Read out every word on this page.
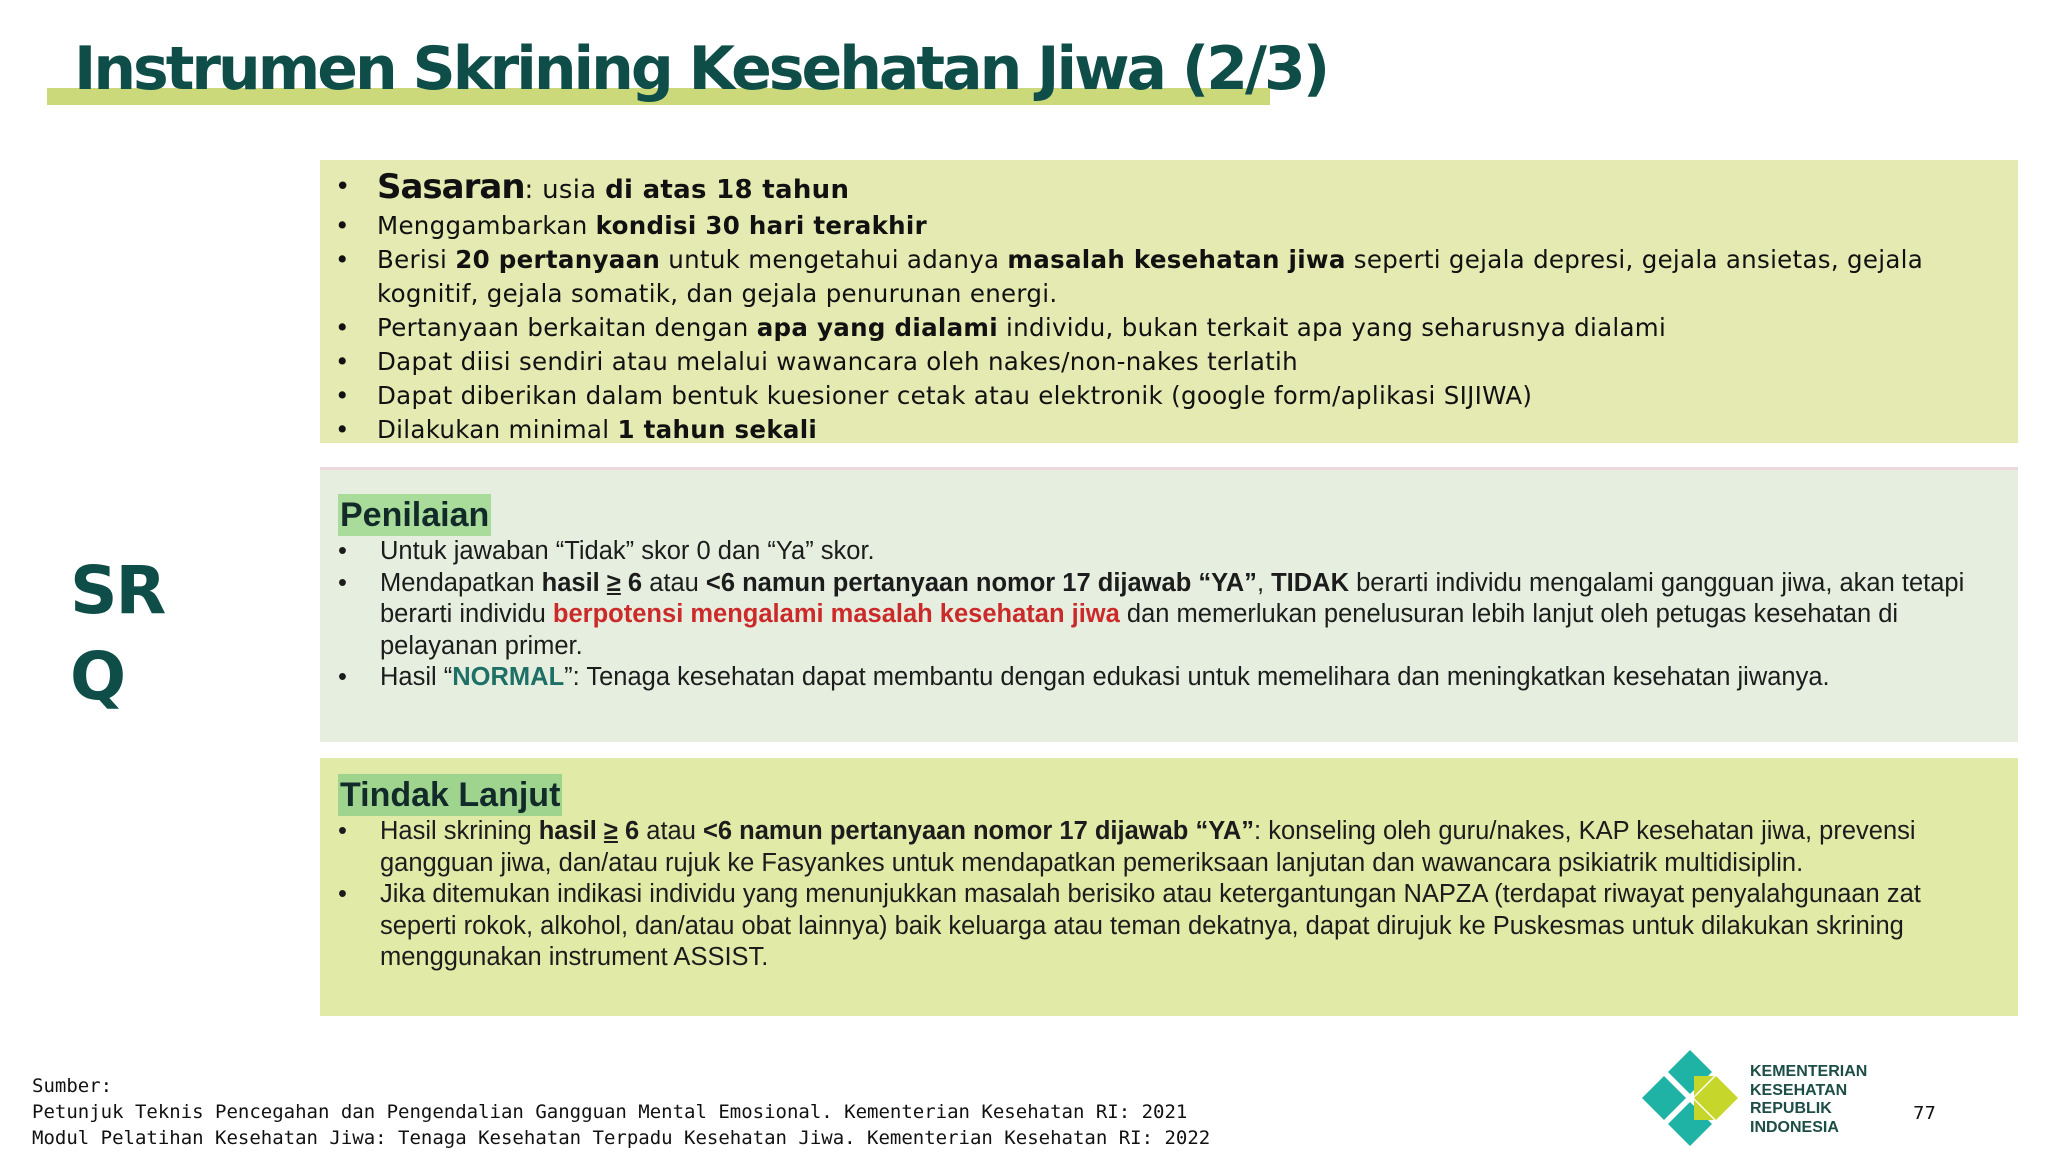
Instrumen Skrining Kesehatan Jiwa (2/3)
SR
Q
• Sasaran: usia di atas 18 tahun
• Menggambarkan kondisi 30 hari terakhir
• Berisi 20 pertanyaan untuk mengetahui adanya masalah kesehatan jiwa seperti gejala depresi, gejala ansietas, gejala kognitif, gejala somatik, dan gejala penurunan energi.
• Pertanyaan berkaitan dengan apa yang dialami individu, bukan terkait apa yang seharusnya dialami
• Dapat diisi sendiri atau melalui wawancara oleh nakes/non-nakes terlatih
• Dapat diberikan dalam bentuk kuesioner cetak atau elektronik (google form/aplikasi SIJIWA)
• Dilakukan minimal 1 tahun sekali
Penilaian
• Untuk jawaban “Tidak” skor 0 dan “Ya” skor.
• Mendapatkan hasil ≥ 6 atau <6 namun pertanyaan nomor 17 dijawab “YA”, TIDAK berarti individu mengalami gangguan jiwa, akan tetapi berarti individu berpotensi mengalami masalah kesehatan jiwa dan memerlukan penelusuran lebih lanjut oleh petugas kesehatan di pelayanan primer.
• Hasil “NORMAL”: Tenaga kesehatan dapat membantu dengan edukasi untuk memelihara dan meningkatkan kesehatan jiwanya.
Tindak Lanjut
• Hasil skrining hasil ≥ 6 atau <6 namun pertanyaan nomor 17 dijawab “YA”: konseling oleh guru/nakes, KAP kesehatan jiwa, prevensi gangguan jiwa, dan/atau rujuk ke Fasyankes untuk mendapatkan pemeriksaan lanjutan dan wawancara psikiatrik multidisiplin.
• Jika ditemukan indikasi individu yang menunjukkan masalah berisiko atau ketergantungan NAPZA (terdapat riwayat penyalahgunaan zat seperti rokok, alkohol, dan/atau obat lainnya) baik keluarga atau teman dekatnya, dapat dirujuk ke Puskesmas untuk dilakukan skrining menggunakan instrument ASSIST.
Sumber:
Petunjuk Teknis Pencegahan dan Pengendalian Gangguan Mental Emosional. Kementerian Kesehatan RI: 2021
Modul Pelatihan Kesehatan Jiwa: Tenaga Kesehatan Terpadu Kesehatan Jiwa. Kementerian Kesehatan RI: 2022
KEMENTERIAN
KESEHATAN
REPUBLIK
INDONESIA
77
